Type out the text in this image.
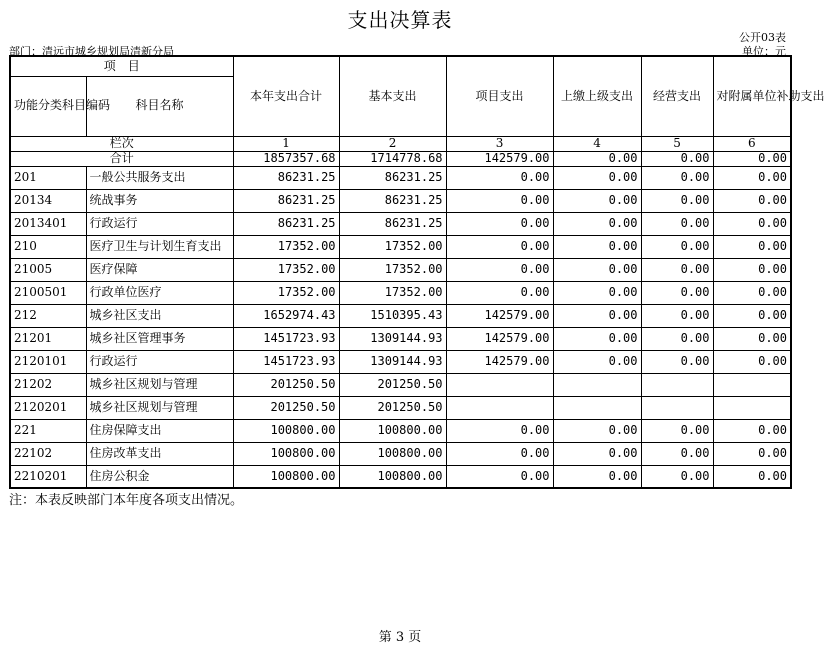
支出决算表
公开03表
部门：清远市城乡规划局清新分局	单位：元
项　目		本年支出合计	基本支出	项目支出	上缴上级支出	经营支出	对附属单位补助支出
功能分类科目编码	科目名称						
栏次		1	2	3	4	5	6
合计		1857357.68	1714778.68	142579.00	0.00	0.00	0.00
201	一般公共服务支出	86231.25	86231.25	0.00	0.00	0.00	0.00
20134	统战事务	86231.25	86231.25	0.00	0.00	0.00	0.00
2013401	行政运行	86231.25	86231.25	0.00	0.00	0.00	0.00
210	医疗卫生与计划生育支出	17352.00	17352.00	0.00	0.00	0.00	0.00
21005	医疗保障	17352.00	17352.00	0.00	0.00	0.00	0.00
2100501	行政单位医疗	17352.00	17352.00	0.00	0.00	0.00	0.00
212	城乡社区支出	1652974.43	1510395.43	142579.00	0.00	0.00	0.00
21201	城乡社区管理事务	1451723.93	1309144.93	142579.00	0.00	0.00	0.00
2120101	行政运行	1451723.93	1309144.93	142579.00	0.00	0.00	0.00
21202	城乡社区规划与管理	201250.50	201250.50				
2120201	城乡社区规划与管理	201250.50	201250.50				
221	住房保障支出	100800.00	100800.00	0.00	0.00	0.00	0.00
22102	住房改革支出	100800.00	100800.00	0.00	0.00	0.00	0.00
2210201	住房公积金	100800.00	100800.00	0.00	0.00	0.00	0.00
注：本表反映部门本年度各项支出情况。
第 3 页
